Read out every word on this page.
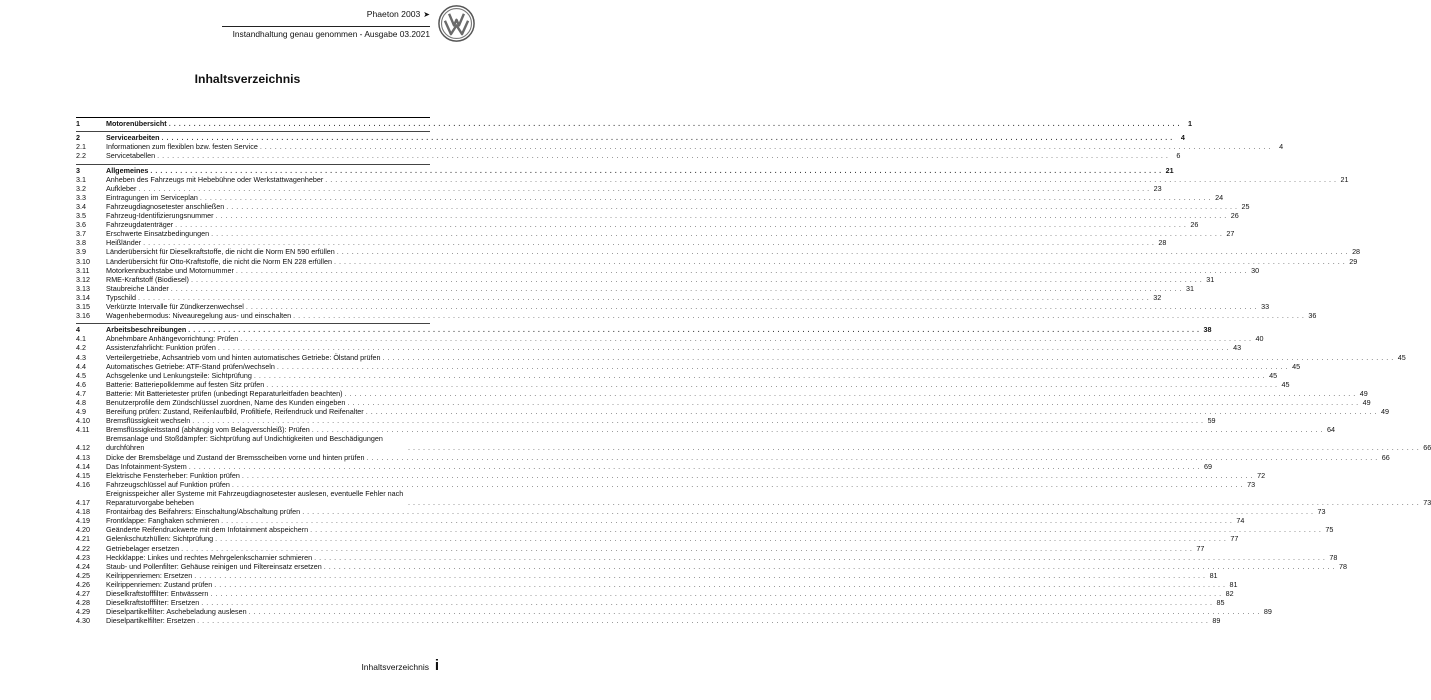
Phaeton 2003 ➤
Instandhaltung genau genommen - Ausgabe 03.2021
Inhaltsverzeichnis
1	Motorenübersicht . . .	1
2	Servicearbeiten . . .	4
2.1	Informationen zum flexiblen bzw. festen Service . . .	4
2.2	Servicetabellen . . .	6
3	Allgemeines . . .	21
3.1	Anheben des Fahrzeugs mit Hebebühne oder Werkstattwagenheber . . .	21
3.2	Aufkleber . . .	23
3.3	Eintragungen im Serviceplan . . .	24
3.4	Fahrzeugdiagnosetester anschließen . . .	25
3.5	Fahrzeug-Identifizierungsnummer . . .	26
3.6	Fahrzeugdatenträger . . .	26
3.7	Erschwerte Einsatzbedingungen . . .	27
3.8	Heißländer . . .	28
3.9	Länderübersicht für Dieselkraftstoffe, die nicht die Norm EN 590 erfüllen . . .	28
3.10	Länderübersicht für Otto-Kraftstoffe, die nicht die Norm EN 228 erfüllen . . .	29
3.11	Motorkennbuchstabe und Motornummer . . .	30
3.12	RME-Kraftstoff (Biodiesel) . . .	31
3.13	Staubreiche Länder . . .	31
3.14	Typschild . . .	32
3.15	Verkürzte Intervalle für Zündkerzenwechsel . . .	33
3.16	Wagenhebermodus: Niveauregelung aus- und einschalten . . .	36
4	Arbeitsbeschreibungen . . .	38
4.1	Abnehmbare Anhängevorrichtung: Prüfen . . .	40
4.2	Assistenzfahrlicht: Funktion prüfen . . .	43
4.3	Verteilergetriebe, Achsantrieb vorn und hinten automatisches Getriebe: Ölstand prüfen . . .	45
4.4	Automatisches Getriebe: ATF-Stand prüfen/wechseln . . .	45
4.5	Achsgelenke und Lenkungsteile: Sichtprüfung . . .	45
4.6	Batterie: Batteriepolklemme auf festen Sitz prüfen . . .	45
4.7	Batterie: Mit Batterietester prüfen (unbedingt Reparaturleitfaden beachten) . . .	49
4.8	Benutzerprofile dem Zündschlüssel zuordnen, Name des Kunden eingeben . . .	49
4.9	Bereifung prüfen: Zustand, Reifenlaufbild, Profiltiefe, Reifendruck und Reifenalter . . .	49
4.10	Bremsflüssigkeit wechseln . . .	59
4.11	Bremsflüssigkeitsstand (abhängig vom Belagverschleiß): Prüfen . . .	64
4.12
Bremsanlage und Stoßdämpfer: Sichtprüfung auf Undichtigkeiten und Beschädigungen durchführen . . .	66
4.13	Dicke der Bremsbeläge und Zustand der Bremsscheiben vorne und hinten prüfen . . .	66
4.14	Das Infotainment-System . . .	69
4.15	Elektrische Fensterheber: Funktion prüfen . . .	72
4.16	Fahrzeugschlüssel auf Funktion prüfen . . .	73
4.17
Ereignisspeicher aller Systeme mit Fahrzeugdiagnosetester auslesen, eventuelle Fehler nach Reparaturvorgabe beheben . . .	73
4.18	Frontairbag des Beifahrers: Einschaltung/Abschaltung prüfen . . .	73
4.19	Frontklappe: Fanghaken schmieren . . .	74
4.20	Geänderte Reifendruckwerte mit dem Infotainment abspeichern . . .	75
4.21	Gelenkschutzhüllen: Sichtprüfung . . .	77
4.22	Getriebelager ersetzen . . .	77
4.23	Heckklappe: Linkes und rechtes Mehrgelenkscharnier schmieren . . .	78
4.24	Staub- und Pollenfilter: Gehäuse reinigen und Filtereinsatz ersetzen . . .	78
4.25	Keilrippenriemen: Ersetzen . . .	81
4.26	Keilrippenriemen: Zustand prüfen . . .	81
4.27	Dieselkraftstofffilter: Entwässern . . .	82
4.28	Dieselkraftstofffilter: Ersetzen . . .	85
4.29	Dieselpartikelfilter: Aschebeladung auslesen . . .	89
4.30	Dieselpartikelfilter: Ersetzen . . .	89
Inhaltsverzeichnis i
